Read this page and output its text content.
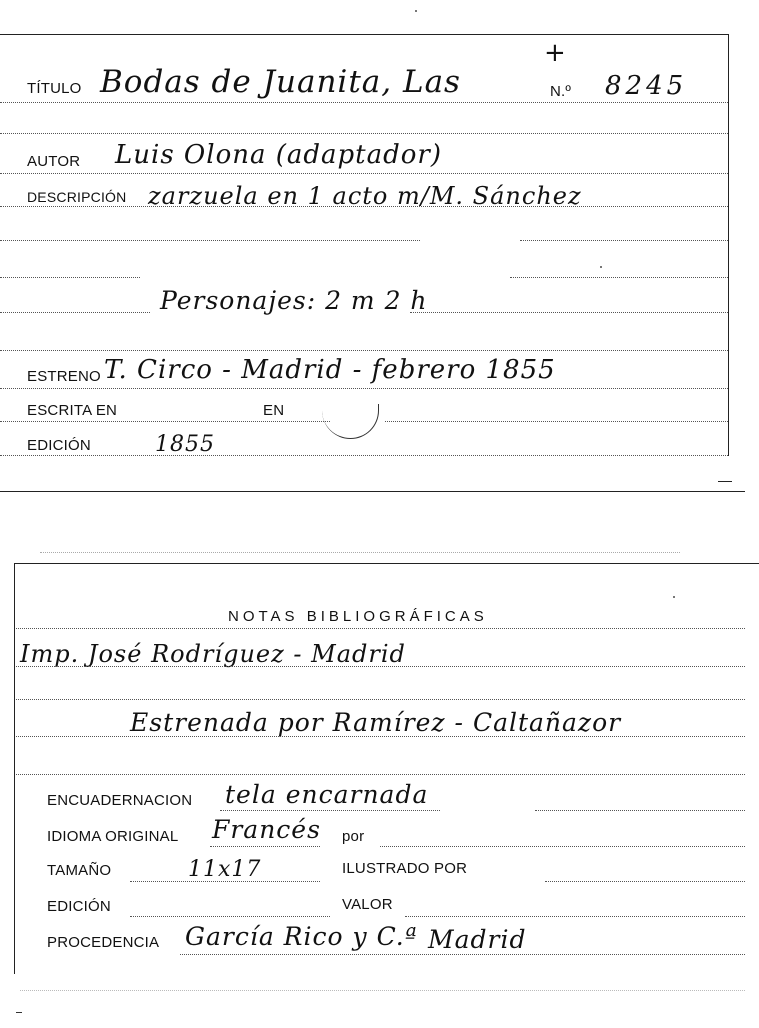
+
TÍTULO Bodas de Juanita, Las	N.º 8245
AUTOR Luis Olona (adaptador)
DESCRIPCIÓN zarzuela en 1 acto m/M. Sánchez
Personajes: 2 m 2 h
ESTRENO T. Circo - Madrid - febrero 1855
ESCRITA EN	EN
EDICIÓN	1855
NOTAS BIBLIOGRÁFICAS
Imp. José Rodríguez - Madrid
Estrenada por Ramírez - Caltañazor
ENCUADERNACION tela encarnada
IDIOMA ORIGINAL Francés por
TAMAÑO	11x17	ILUSTRADO POR
EDICIÓN	VALOR
PROCEDENCIA García Rico y C.ª Madrid
